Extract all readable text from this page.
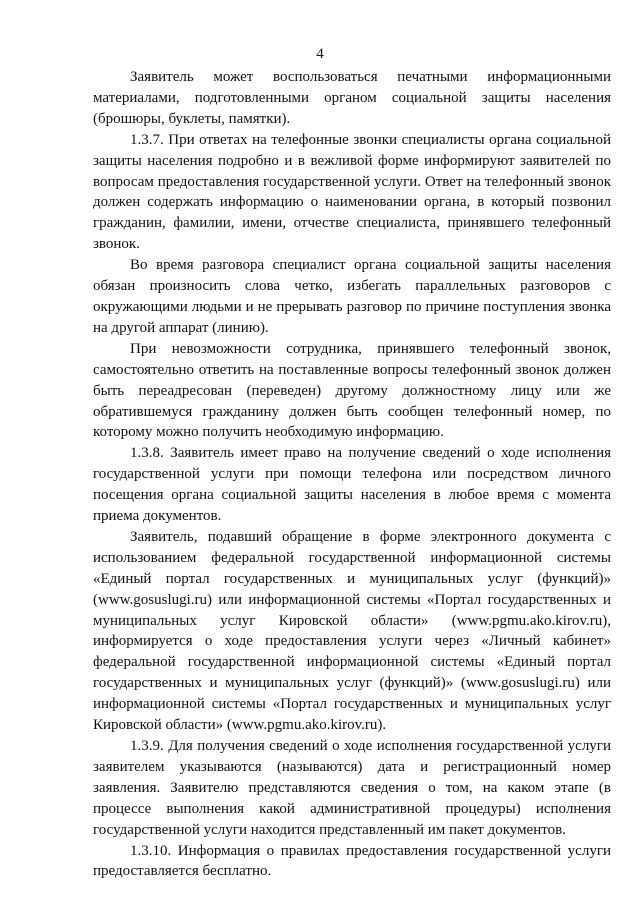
4

Заявитель может воспользоваться печатными информационными материалами, подготовленными органом социальной защиты населения (брошюры, буклеты, памятки).

1.3.7. При ответах на телефонные звонки специалисты органа социальной защиты населения подробно и в вежливой форме информируют заявителей по вопросам предоставления государственной услуги. Ответ на телефонный звонок должен содержать информацию о наименовании органа, в который позвонил гражданин, фамилии, имени, отчестве специалиста, принявшего телефонный звонок.

Во время разговора специалист органа социальной защиты населения обязан произносить слова четко, избегать параллельных разговоров с окружающими людьми и не прерывать разговор по причине поступления звонка на другой аппарат (линию).

При невозможности сотрудника, принявшего телефонный звонок, самостоятельно ответить на поставленные вопросы телефонный звонок должен быть переадресован (переведен) другому должностному лицу или же обратившемуся гражданину должен быть сообщен телефонный номер, по которому можно получить необходимую информацию.

1.3.8. Заявитель имеет право на получение сведений о ходе исполнения государственной услуги при помощи телефона или посредством личного посещения органа социальной защиты населения в любое время с момента приема документов.

Заявитель, подавший обращение в форме электронного документа с использованием федеральной государственной информационной системы «Единый портал государственных и муниципальных услуг (функций)» (www.gosuslugi.ru) или информационной системы «Портал государственных и муниципальных услуг Кировской области» (www.pgmu.ako.kirov.ru), информируется о ходе предоставления услуги через «Личный кабинет» федеральной государственной информационной системы «Единый портал государственных и муниципальных услуг (функций)» (www.gosuslugi.ru) или информационной системы «Портал государственных и муниципальных услуг Кировской области» (www.pgmu.ako.kirov.ru).

1.3.9. Для получения сведений о ходе исполнения государственной услуги заявителем указываются (называются) дата и регистрационный номер заявления. Заявителю представляются сведения о том, на каком этапе (в процессе выполнения какой административной процедуры) исполнения государственной услуги находится представленный им пакет документов.

1.3.10. Информация о правилах предоставления государственной услуги предоставляется бесплатно.
